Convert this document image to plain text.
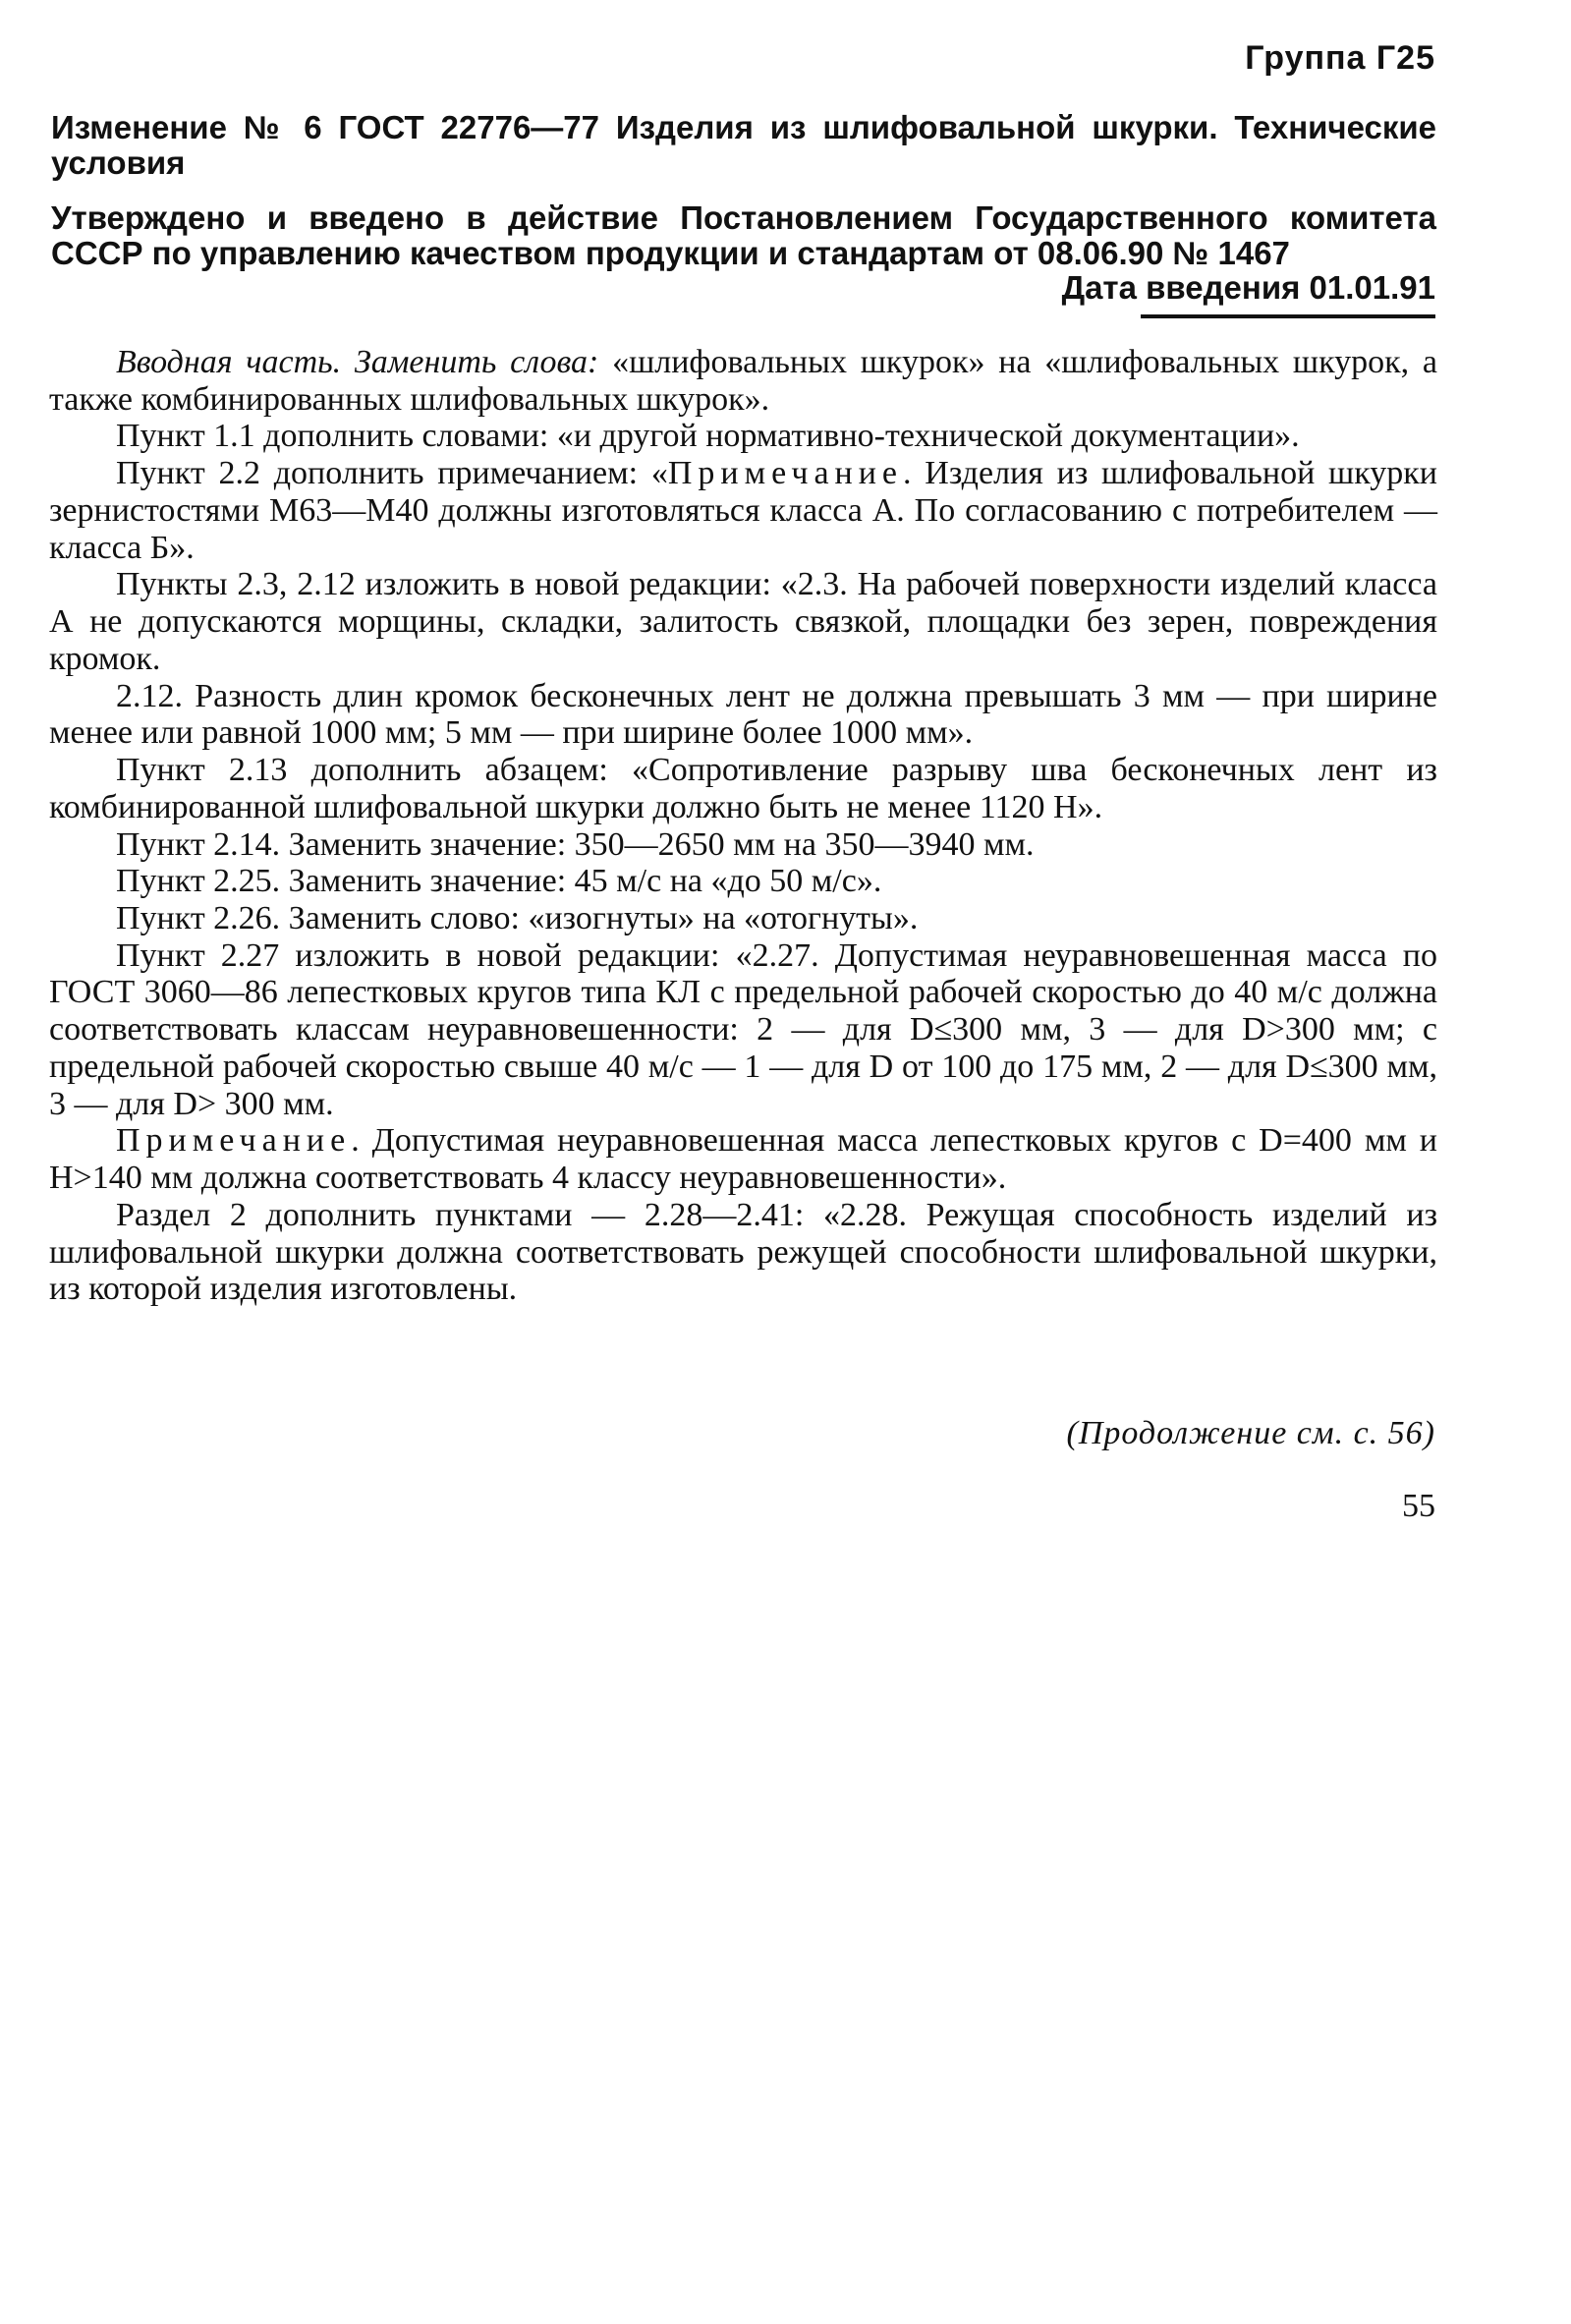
Группа Г25
Изменение № 6 ГОСТ 22776—77 Изделия из шлифовальной шкурки. Технические условия
Утверждено и введено в действие Постановлением Государственного комитета СССР по управлению качеством продукции и стандартам от 08.06.90 № 1467
Дата введения 01.01.91

Вводная часть. Заменить слова: «шлифовальных шкурок» на «шлифовальных шкурок, а также комбинированных шлифовальных шкурок».

Пункт 1.1 дополнить словами: «и другой нормативно-технической документации».

Пункт 2.2 дополнить примечанием: «Примечание. Изделия из шлифовальной шкурки зернистостями М63—М40 должны изготовляться класса А. По согласованию с потребителем — класса Б».

Пункты 2.3, 2.12 изложить в новой редакции: «2.3. На рабочей поверхности изделий класса А не допускаются морщины, складки, залитость связкой, площадки без зерен, повреждения кромок.

2.12. Разность длин кромок бесконечных лент не должна превышать 3 мм — при ширине менее или равной 1000 мм; 5 мм — при ширине более 1000 мм».

Пункт 2.13 дополнить абзацем: «Сопротивление разрыву шва бесконечных лент из комбинированной шлифовальной шкурки должно быть не менее 1120 Н».

Пункт 2.14. Заменить значение: 350—2650 мм на 350—3940 мм.

Пункт 2.25. Заменить значение: 45 м/с на «до 50 м/с».

Пункт 2.26. Заменить слово: «изогнуты» на «отогнуты».

Пункт 2.27 изложить в новой редакции: «2.27. Допустимая неуравновешенная масса по ГОСТ 3060—86 лепестковых кругов типа КЛ с предельной рабочей скоростью до 40 м/с должна соответствовать классам неуравновешенности: 2 — для D≤300 мм, 3 — для D>300 мм; с предельной рабочей скоростью свыше 40 м/с — 1 — для D от 100 до 175 мм, 2 — для D≤300 мм, 3 — для D> 300 мм.

Примечание. Допустимая неуравновешенная масса лепестковых кругов с D=400 мм и H>140 мм должна соответствовать 4 классу неуравновешенности».

Раздел 2 дополнить пунктами — 2.28—2.41: «2.28. Режущая способность изделий из шлифовальной шкурки должна соответствовать режущей способности шлифовальной шкурки, из которой изделия изготовлены.

(Продолжение см. с. 56)
55
